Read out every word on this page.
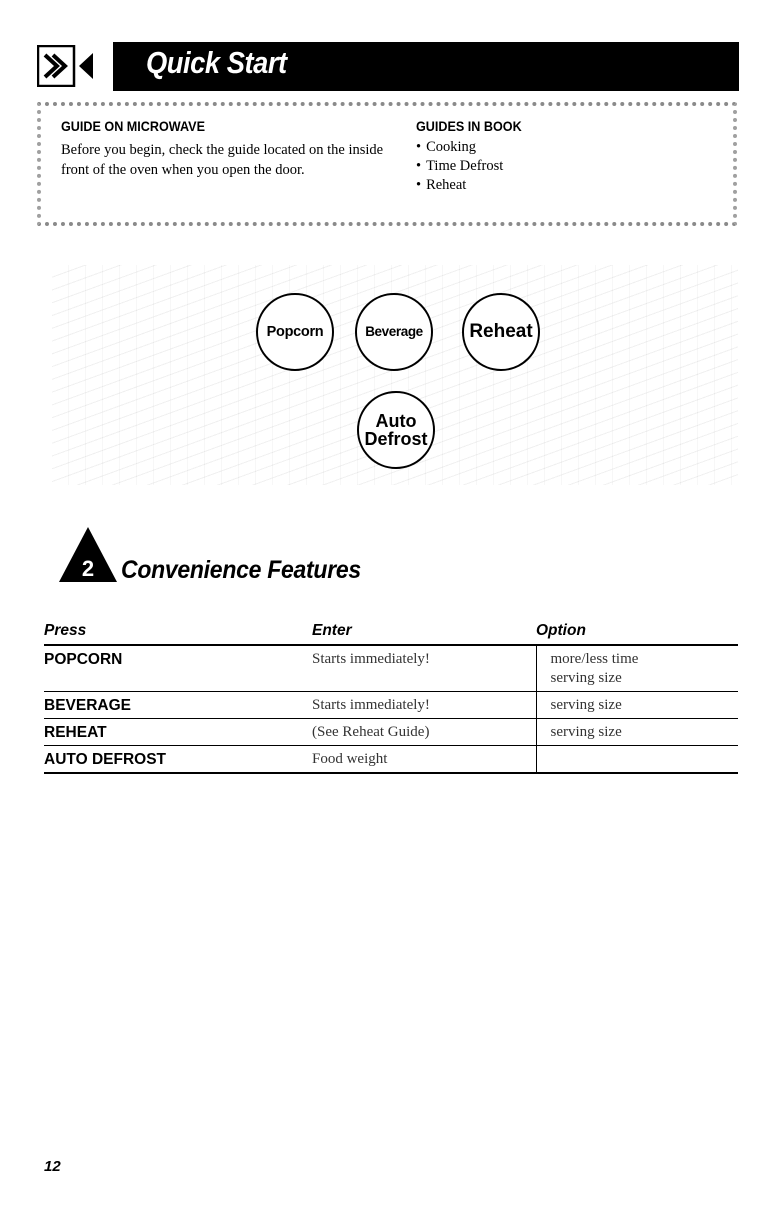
Quick Start
GUIDE ON MICROWAVE

Before you begin, check the guide located on the inside front of the oven when you open the door.

GUIDES IN BOOK
• Cooking
• Time Defrost
• Reheat
Popcorn	Beverage Reheat
Auto
Defrost
2 Convenience Features
Press	Enter	Option
POPCORN	Starts immediately!	more/less time
serving size
BEVERAGE	Starts immediately!	serving size
REHEAT	(See Reheat Guide)	serving size
AUTO DEFROST	Food weight	
12
